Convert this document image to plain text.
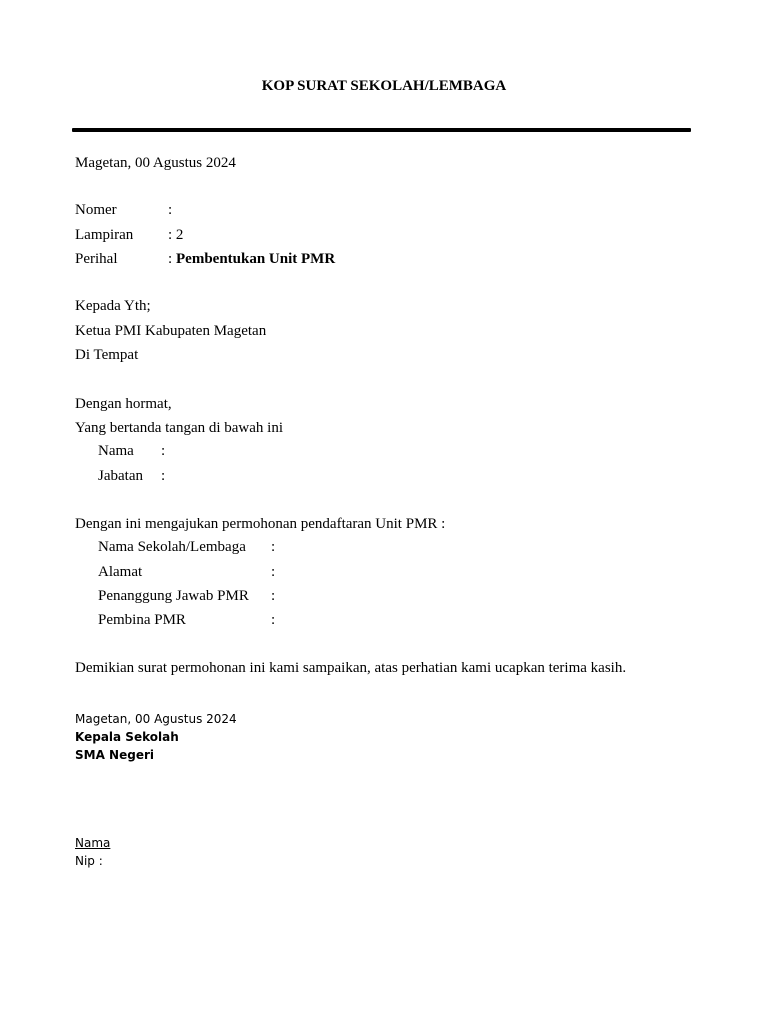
KOP SURAT SEKOLAH/LEMBAGA
Magetan, 00 Agustus 2024
Nomer	:
Lampiran : 2
Perihal	: Pembentukan Unit PMR
Kepada Yth;
Ketua PMI Kabupaten Magetan
Di Tempat
Dengan hormat,
Yang bertanda tangan di bawah ini
Nama :
Jabatan :
Dengan ini mengajukan permohonan pendaftaran Unit PMR :
Nama Sekolah/Lembaga :
Alamat	:
Penanggung Jawab PMR :
Pembina PMR	:
Demikian surat permohonan ini kami sampaikan, atas perhatian kami ucapkan terima kasih.
Magetan, 00 Agustus 2024
Kepala Sekolah
SMA Negeri
Nama
Nip :
